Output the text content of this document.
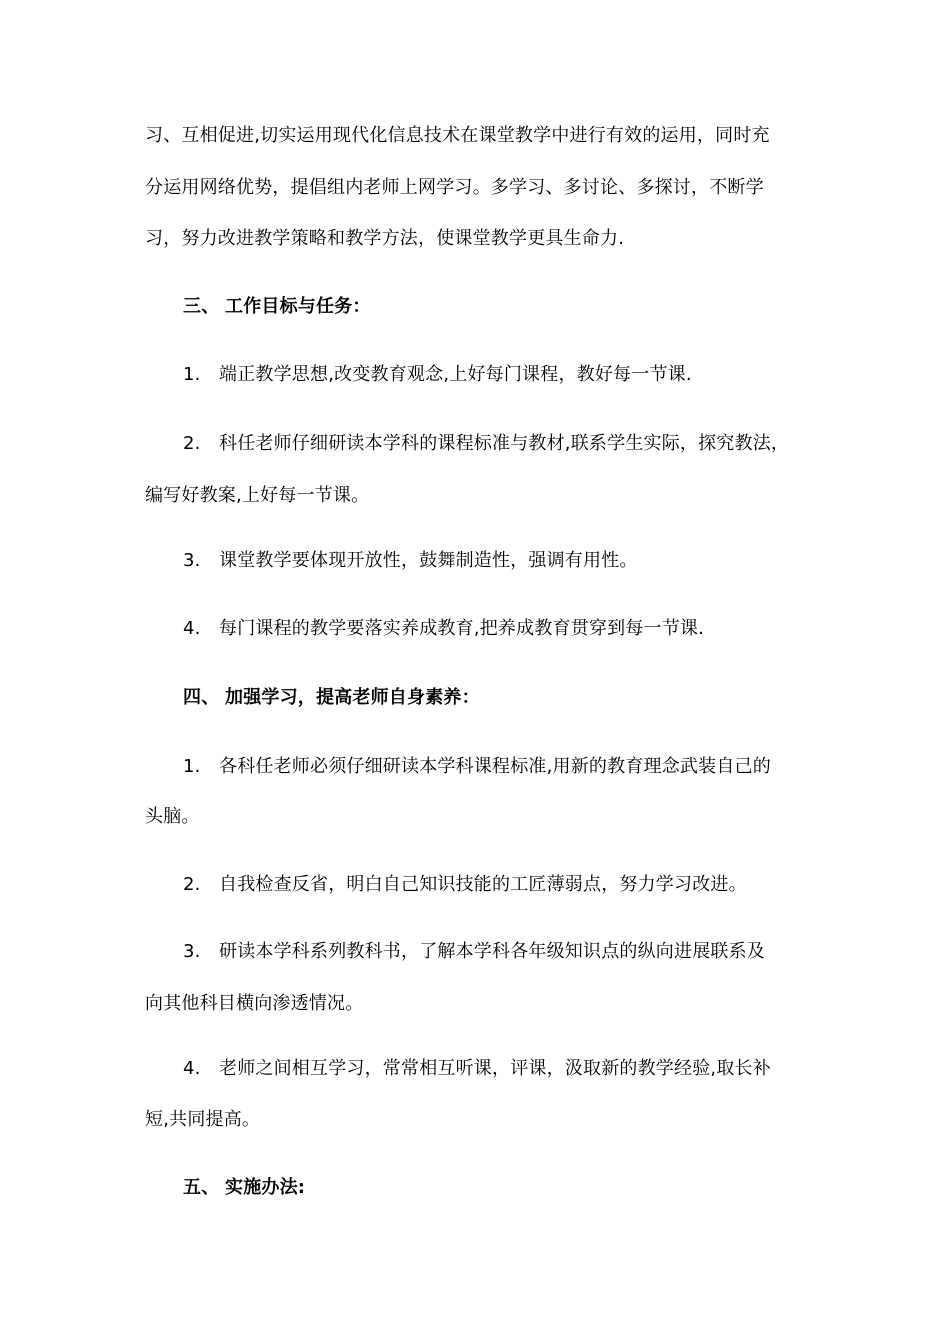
习、互相促进,切实运用现代化信息技术在课堂教学中进行有效的运用，同时充
分运用网络优势，提倡组内老师上网学习。多学习、多讨论、多探讨，不断学
习，努力改进教学策略和教学方法，使课堂教学更具生命力.
三、 工作目标与任务：
1. 端正教学思想,改变教育观念,上好每门课程，教好每一节课.
2. 科任老师仔细研读本学科的课程标准与教材,联系学生实际，探究教法，
编写好教案,上好每一节课。
3. 课堂教学要体现开放性，鼓舞制造性，强调有用性。
4. 每门课程的教学要落实养成教育,把养成教育贯穿到每一节课.
四、 加强学习，提高老师自身素养：
1. 各科任老师必须仔细研读本学科课程标准,用新的教育理念武装自己的
头脑。
2. 自我检查反省，明白自己知识技能的工匠薄弱点，努力学习改进。
3. 研读本学科系列教科书，了解本学科各年级知识点的纵向进展联系及
向其他科目横向渗透情况。
4. 老师之间相互学习，常常相互听课，评课，汲取新的教学经验,取长补
短,共同提高。
五、 实施办法:
